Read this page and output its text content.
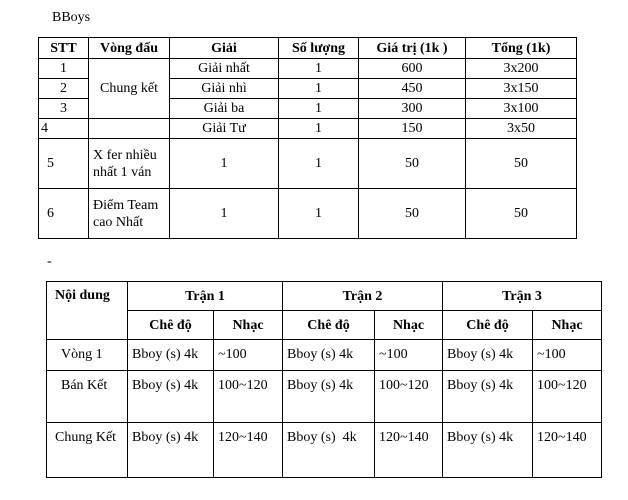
BBoys
STT	Vòng đấu	Giải	Số lượng	Giá trị (1k )	Tổng (1k)
1	Chung kết	Giải nhất	1	600	3x200
2		Giải nhì	1	450	3x150
3		Giải ba	1	300	3x100
4		Giải Tư	1	150	3x50
5	X fer nhiều nhất 1 ván	1	1	50	50
6	Điểm Team cao Nhất	1	1	50	50
-
Nội dung	Trận 1		Trận 2		Trận 3	
	Chê độ	Nhạc	Chê độ	Nhạc	Chê độ	Nhạc
Vòng 1	Bboy (s) 4k	~100	Bboy (s) 4k	~100	Bboy (s) 4k	~100
Bán Kết	Bboy (s) 4k	100~120	Bboy (s) 4k	100~120	Bboy (s) 4k	100~120
Chung Kết	Bboy (s) 4k	120~140	Bboy (s)  4k	120~140	Bboy (s) 4k	120~140
